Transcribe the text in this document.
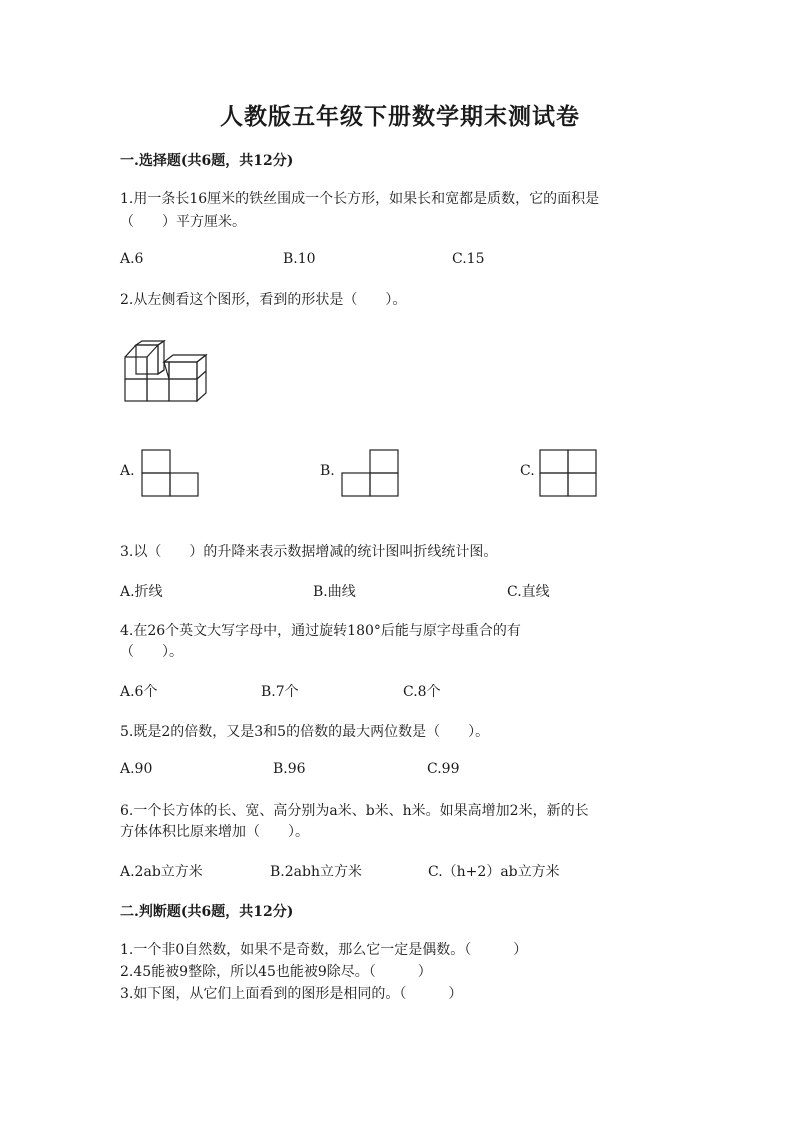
人教版五年级下册数学期末测试卷
一.选择题(共6题，共12分)
1.用一条长16厘米的铁丝围成一个长方形，如果长和宽都是质数，它的面积是
（　　）平方厘米。
A.6	B.10	C.15
2.从左侧看这个图形，看到的形状是（　　）。
A.	B.	C.
3.以（　　）的升降来表示数据增减的统计图叫折线统计图。
A.折线	B.曲线	C.直线
4.在26个英文大写字母中，通过旋转180°后能与原字母重合的有
（　　）。
A.6个	B.7个	C.8个
5.既是2的倍数，又是3和5的倍数的最大两位数是（　　）。
A.90	B.96	C.99
6.一个长方体的长、宽、高分别为a米、b米、h米。如果高增加2米，新的长
方体体积比原来增加（　　）。
A.2ab立方米	B.2abh立方米	C.（h+2）ab立方米
二.判断题(共6题，共12分)
1.一个非0自然数，如果不是奇数，那么它一定是偶数。（　　　）
2.45能被9整除，所以45也能被9除尽。（　　　）
3.如下图，从它们上面看到的图形是相同的。（　　　）
